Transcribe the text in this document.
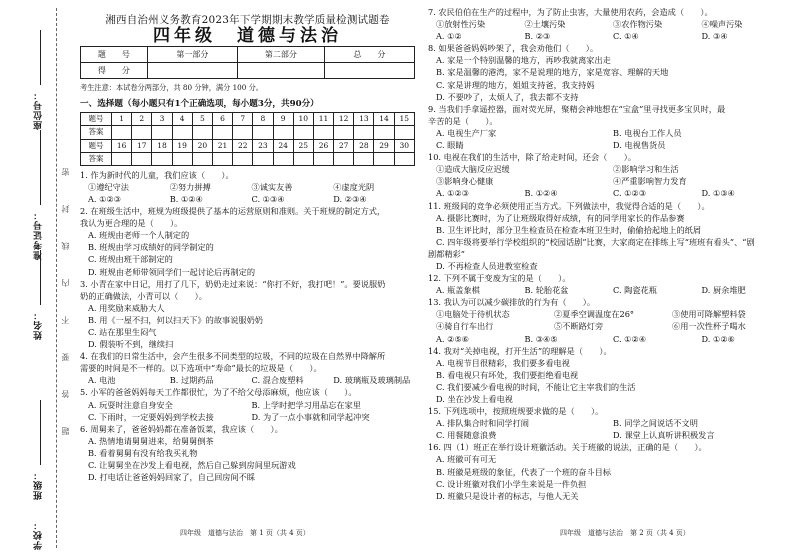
座位号：
准考证号：
姓名：
班级：
学校：
密
封
线
内
不
要
答
题
湘西自治州义务教育2023年下学期期末教学质量检测试题卷
四年级　道德与法治
题　　号	第一部分	第二部分	总　　分
得　　分			
考生注意：本试卷分两部分，共 80 分钟，满分 100 分。
一、选择题（每小题只有1个正确选项，每小题3分，共90分）
题号	1	2	3	4	5	6	7	8	9	10	11	12	13	14	15
答案															
题号	16	17	18	19	20	21	22	23	24	25	26	27	28	29	30
答案															
1. 作为新时代的儿童，我们应该（　　）。
①遵纪守法	②努力拼搏	③诚实友善	④虚度光阴
A. ①②③	B. ①②④	C. ①③④	D. ②③④
2. 在班级生活中，班规为班级提供了基本的运营原则和准则。关于班规的制定方式，
我认为更合理的是（　　）。
A. 班规由老师一个人制定的
B. 班规由学习成绩好的同学制定的
C. 班规由班干部制定的
D. 班规由老师带领同学们一起讨论后再制定的
3. 小青在家中日记，用打了几下，奶奶走过来说：“你打不好，我打吧！”。要说服奶
奶的正确做法，小青可以（　　）。
A. 用奖励来威胁大人
B. 用《一屋不扫，何以扫天下》的故事说服奶奶
C. 站在那里生闷气
D. 假装听不到，继续扫
4. 在我们的日常生活中，会产生很多不同类型的垃圾，不同的垃圾在自然界中降解所
需要的时间是不一样的。以下选项中“寿命”最长的垃圾是（　　）。
A. 电池	B. 过期药品	C. 混合废塑料	D. 玻璃瓶及玻璃制品
5. 小军的爸爸妈妈每天工作都很忙，为了不给父母添麻烦，他应该（　　）。
A. 玩耍时注意自身安全	B. 上学时把学习用品忘在家里
C. 下雨时，一定要妈妈到学校去接	D. 为了一点小事就和同学起冲突
6. 周舅来了，爸爸妈妈都在准备饭菜，我应该（　　）。
A. 热情地请舅舅进来，给舅舅倒茶
B. 看着舅舅有没有给我买礼物
C. 让舅舅坐在沙发上看电视，然后自己躲到房间里玩游戏
D. 打电话让爸爸妈妈回家了，自己回房间不睬
7. 农民伯伯在生产的过程中，为了防止虫害，大量使用农药，会造成（　　）。
①放射性污染	②土壤污染	③农作物污染	④噪声污染
A. ①②	B. ②③	C. ①④	D. ③④
8. 如果爸爸妈妈吵架了，我会劝他们（　　）。
A. 家是一个特别温馨的地方，再吵我就离家出走
B. 家是温馨的港湾，家不是说理的地方，家是宽容、理解的天地
C. 家是讲理的地方，姐姐支持爸，我支持妈
D. 不要吵了，太烦人了，我去都不支持
9. 当我们手拿遥控器，面对荧光屏，聚精会神地想在“宝盒”里寻找更多宝贝时，最
辛苦的是（　　）。
A. 电视生产厂家	B. 电视台工作人员
C. 眼睛	D. 电视售货员
10. 电视在我们的生活中，除了给走时间，还会（　　）。
①造成大脑反应迟缓	②影响学习和生活
③影响身心健康	④严重影响智力发育
A. ①②③	B. ①②④	C. ①②③	D. ①③④
11. 班级间的竞争必须使用正当方式。下列做法中，我觉得合适的是（　　）。
A. 摄影比赛时，为了让班级取得好成绩，有的同学用家长的作品参赛
B. 卫生评比时，部分卫生检查员在检查本班卫生时，偷偷拾起地上的纸屑
C. 四年级将要举行学校组织的“校园话剧”比赛，大家商定在排练上写“班班有看头”、“剧
剧都精彩”
D. 不再检查人员进教室检查
12. 下列不属于变废为宝的是（　　）。
A. 瓶盖象棋	B. 轮胎花盆	C. 陶瓷花瓶	D. 厨余堆肥
13. 我认为可以减少碳排放的行为有（　　）。
①电脑处于待机状态	②夏季空调温度在26°	③使用可降解塑料袋
④骑自行车出行	⑤不断路灯旁	⑥用一次性杯子喝水
A. ②⑤⑥	B. ③④⑤	C. ①②④	D. ①②⑥
14. 我对“关掉电视，打开生活”的理解是（　　）。
A. 电视节目很精彩，我们要多看电视
B. 看电视只有坏处，我们要拒绝看电视
C. 我们要减少看电视的时间，不能让它主宰我们的生活
D. 坐在沙发上看电视
15. 下列选项中，按照班规要求做的是（　　）。
A. 排队集合时和同学打闹	B. 同学之间说话不文明
C. 用餐随意浪费	D. 课堂上认真听讲积极发言
16. 四（1）班正在举行设计班徽活动。关于班徽的说法，正确的是（　　）。
A. 班徽可有可无
B. 班徽是班级的象征，代表了一个班的奋斗目标
C. 设计班徽对我们小学生来说是一件负担
D. 班徽只是设计者的标志，与他人无关
四年级　道德与法治　第 1 页（共 4 页）	四年级　道德与法治　第 2 页（共 4 页）
